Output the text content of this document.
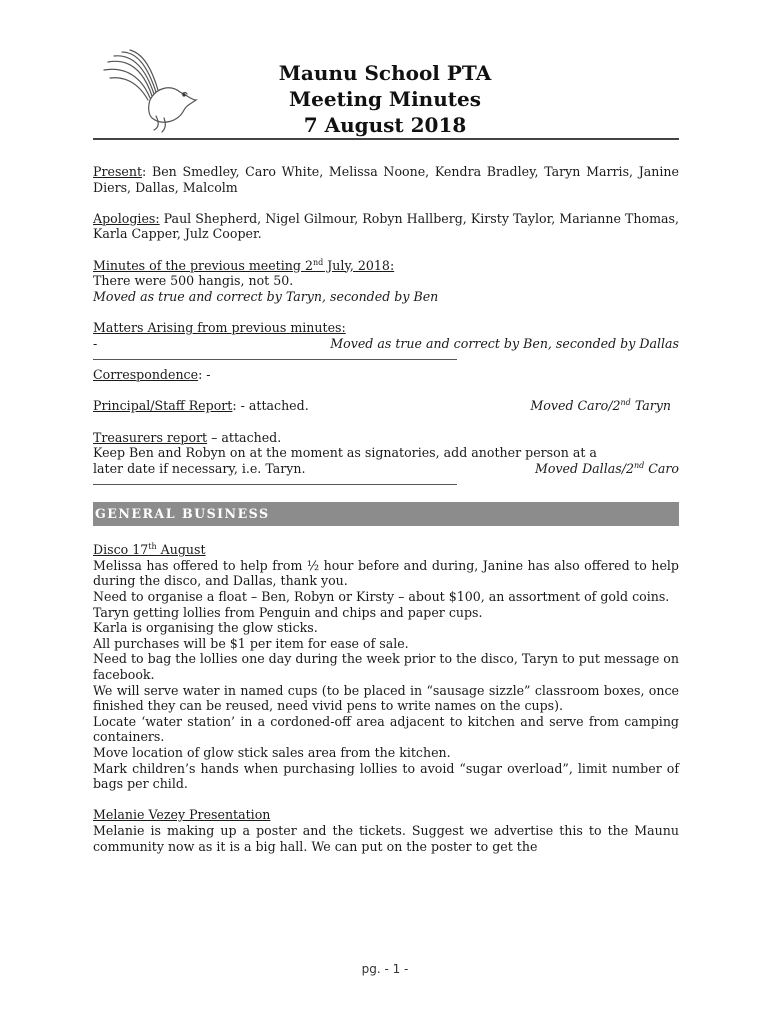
Maunu School PTA
Meeting Minutes
7 August 2018

Present: Ben Smedley, Caro White, Melissa Noone, Kendra Bradley, Taryn Marris, Janine Diers, Dallas, Malcolm

Apologies: Paul Shepherd, Nigel Gilmour, Robyn Hallberg, Kirsty Taylor, Marianne Thomas, Karla Capper, Julz Cooper.

Minutes of the previous meeting 2nd July, 2018:

There were 500 hangis, not 50.

Moved as true and correct by Taryn, seconded by Ben

Matters Arising from previous minutes:

-	Moved as true and correct by Ben, seconded by Dallas

Correspondence: -

Principal/Staff Report: - attached.	Moved Caro/2nd Taryn

Treasurers report – attached.

Keep Ben and Robyn on at the moment as signatories, add another person at a

later date if necessary, i.e. Taryn.	Moved Dallas/2nd Caro

GENERAL BUSINESS

Disco 17th August

Melissa has offered to help from ½ hour before and during, Janine has also offered to help during the disco, and Dallas, thank you.

Need to organise a float – Ben, Robyn or Kirsty – about $100, an assortment of gold coins.

Taryn getting lollies from Penguin and chips and paper cups.

Karla is organising the glow sticks.

All purchases will be $1 per item for ease of sale.

Need to bag the lollies one day during the week prior to the disco, Taryn to put message on facebook.

We will serve water in named cups (to be placed in “sausage sizzle” classroom boxes, once finished they can be reused, need vivid pens to write names on the cups).

Locate ‘water station’ in a cordoned-off area adjacent to kitchen and serve from camping containers.

Move location of glow stick sales area from the kitchen.

Mark children’s hands when purchasing lollies to avoid “sugar overload”, limit number of bags per child.

Melanie Vezey Presentation

Melanie is making up a poster and the tickets. Suggest we advertise this to the Maunu community now as it is a big hall. We can put on the poster to get the

pg. - 1 -
